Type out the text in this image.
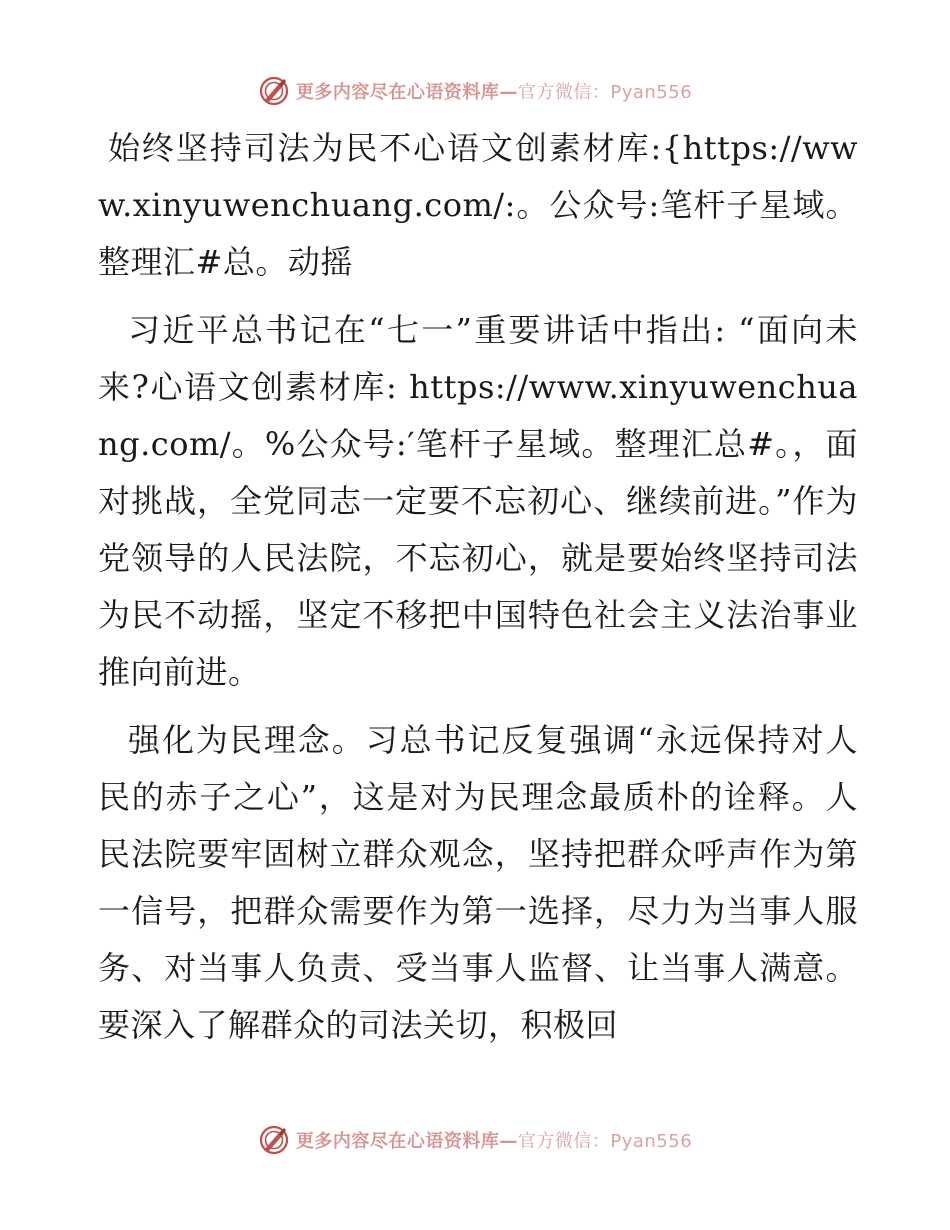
更多内容尽在心语资料库—官方微信：Pyan556

始终坚持司法为民不心语文创素材库:{https://www.xinyuwenchuang.com/:。公众号:笔杆子星域。整理汇#总。动摇

习近平总书记在“七一”重要讲话中指出: “面向未来?心语文创素材库: https://www.xinyuwenchuang.com/。%公众号:′笔杆子星域。整理汇总#。，面对挑战，全党同志一定要不忘初心、继续前进。”作为党领导的人民法院，不忘初心，就是要始终坚持司法为民不动摇，坚定不移把中国特色社会主义法治事业推向前进。

强化为民理念。习总书记反复强调“永远保持对人民的赤子之心”，这是对为民理念最质朴的诠释。人民法院要牢固树立群众观念，坚持把群众呼声作为第一信号，把群众需要作为第一选择，尽力为当事人服务、对当事人负责、受当事人监督、让当事人满意。要深入了解群众的司法关切，积极回

更多内容尽在心语资料库—官方微信：Pyan556
